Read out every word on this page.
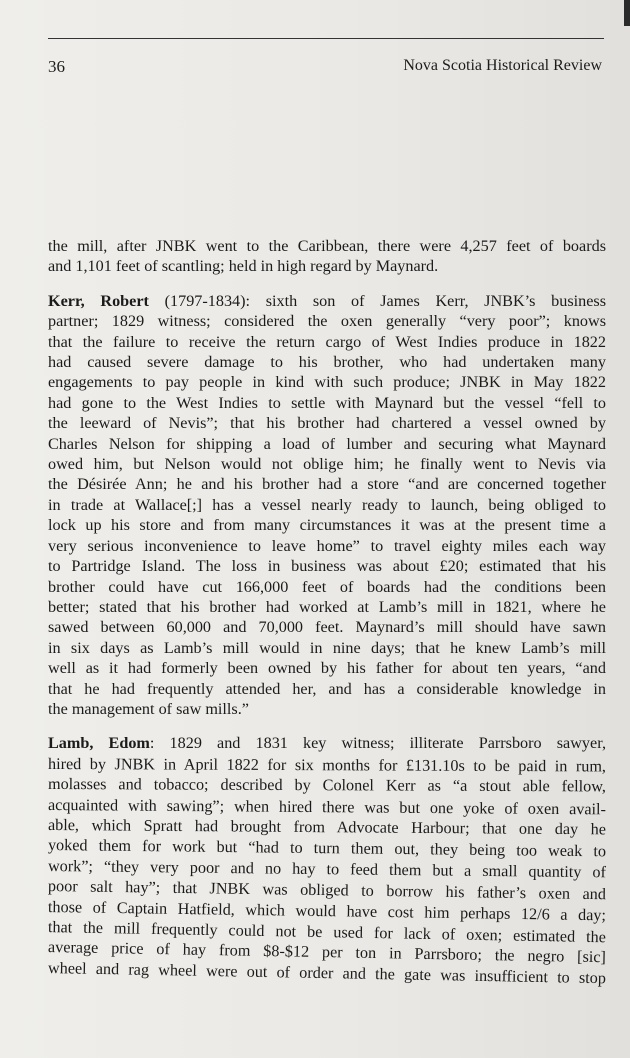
36	Nova Scotia Historical Review
the mill, after JNBK went to the Caribbean, there were 4,257 feet of boards
and 1,101 feet of scantling; held in high regard by Maynard.
Kerr, Robert (1797-1834): sixth son of James Kerr, JNBK’s business
partner; 1829 witness; considered the oxen generally “very poor”; knows
that the failure to receive the return cargo of West Indies produce in 1822
had caused severe damage to his brother, who had undertaken many
engagements to pay people in kind with such produce; JNBK in May 1822
had gone to the West Indies to settle with Maynard but the vessel “fell to
the leeward of Nevis”; that his brother had chartered a vessel owned by
Charles Nelson for shipping a load of lumber and securing what Maynard
owed him, but Nelson would not oblige him; he finally went to Nevis via
the Désirée Ann; he and his brother had a store “and are concerned together
in trade at Wallace[;] has a vessel nearly ready to launch, being obliged to
lock up his store and from many circumstances it was at the present time a
very serious inconvenience to leave home” to travel eighty miles each way
to Partridge Island. The loss in business was about £20; estimated that his
brother could have cut 166,000 feet of boards had the conditions been
better; stated that his brother had worked at Lamb’s mill in 1821, where he
sawed between 60,000 and 70,000 feet. Maynard’s mill should have sawn
in six days as Lamb’s mill would in nine days; that he knew Lamb’s mill
well as it had formerly been owned by his father for about ten years, “and
that he had frequently attended her, and has a considerable knowledge in
the management of saw mills.”
Lamb, Edom: 1829 and 1831 key witness; illiterate Parrsboro sawyer,
hired by JNBK in April 1822 for six months for £131.10s to be paid in rum,
molasses and tobacco; described by Colonel Kerr as “a stout able fellow,
acquainted with sawing”; when hired there was but one yoke of oxen avail-
able, which Spratt had brought from Advocate Harbour; that one day he
yoked them for work but “had to turn them out, they being too weak to
work”; “they very poor and no hay to feed them but a small quantity of
poor salt hay”; that JNBK was obliged to borrow his father’s oxen and
those of Captain Hatfield, which would have cost him perhaps 12/6 a day;
that the mill frequently could not be used for lack of oxen; estimated the
average price of hay from $8-$12 per ton in Parrsboro; the negro [sic]
wheel and rag wheel were out of order and the gate was insufficient to stop
